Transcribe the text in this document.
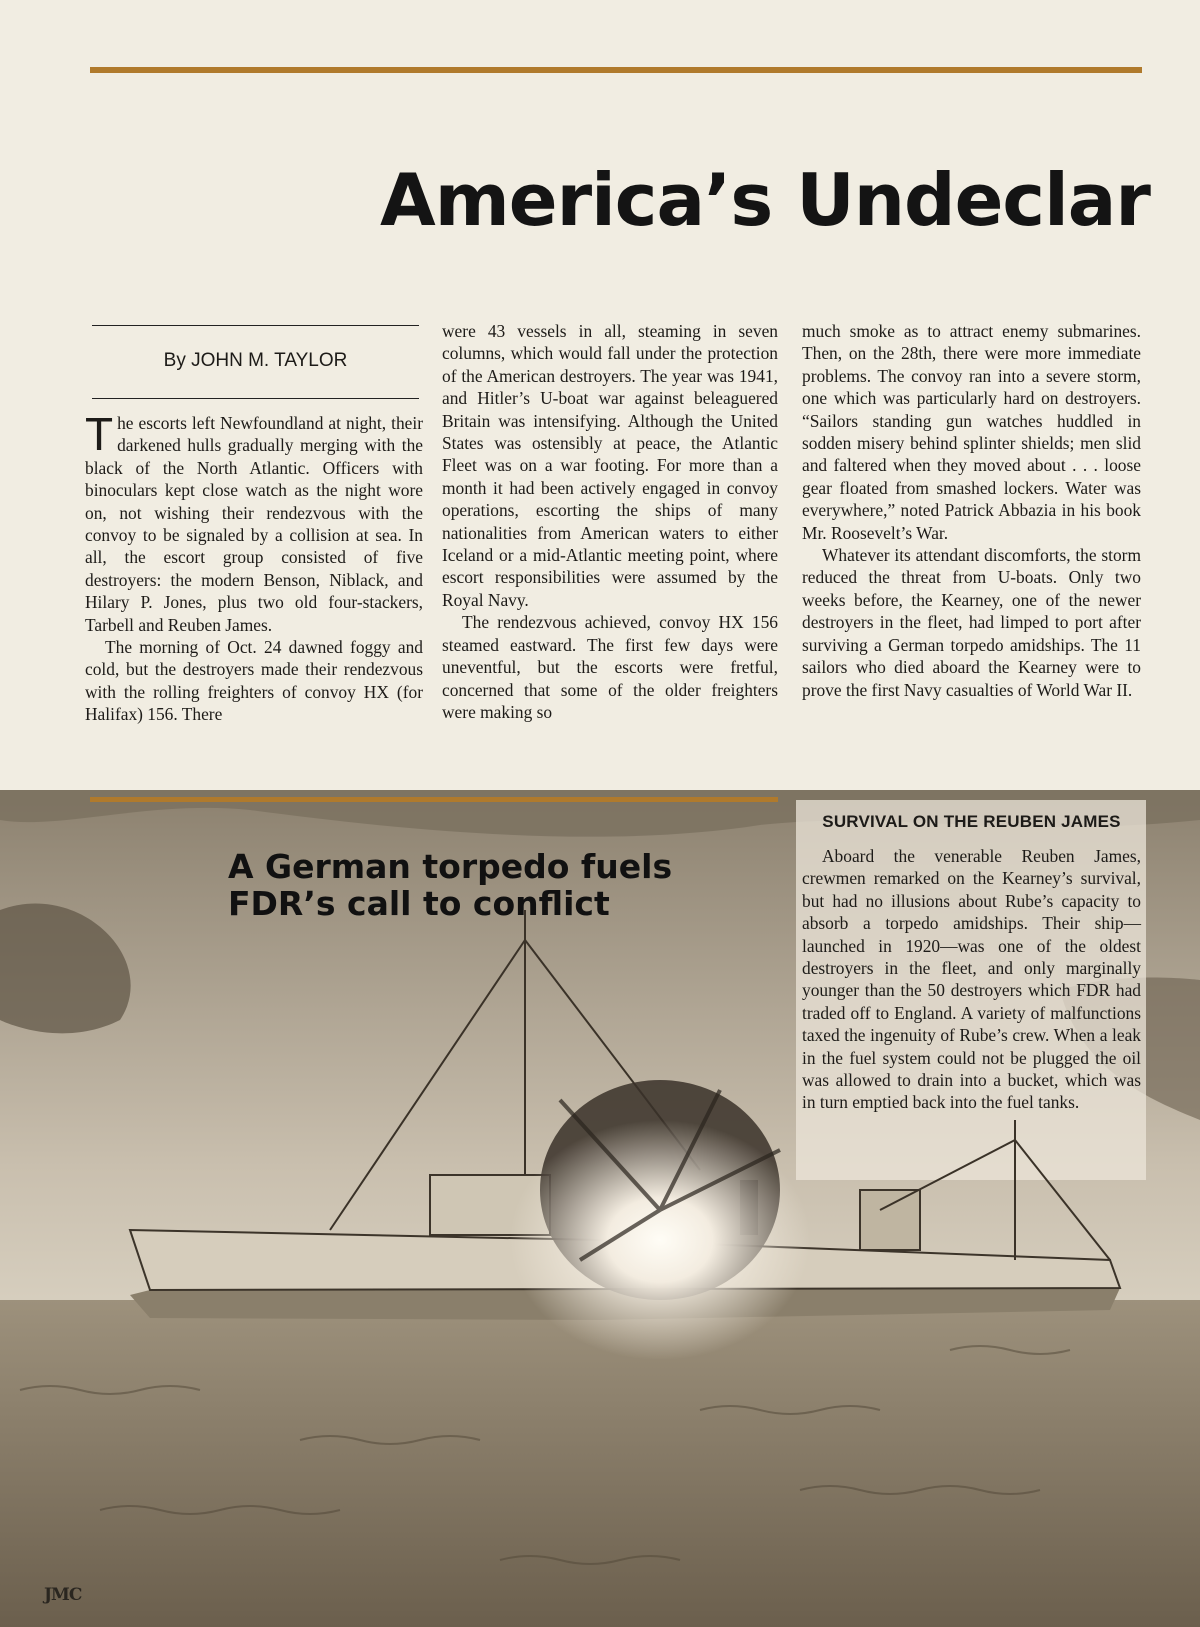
America’s Undeclar
By JOHN M. TAYLOR

The escorts left Newfoundland at night, their darkened hulls gradually merging with the black of the North Atlantic. Officers with binoculars kept close watch as the night wore on, not wishing their rendezvous with the convoy to be signaled by a collision at sea. In all, the escort group consisted of five destroyers: the modern Benson, Niblack, and Hilary P. Jones, plus two old four-stackers, Tarbell and Reuben James.

The morning of Oct. 24 dawned foggy and cold, but the destroyers made their rendezvous with the rolling freighters of convoy HX (for Halifax) 156. There

were 43 vessels in all, steaming in seven columns, which would fall under the protection of the American destroyers. The year was 1941, and Hitler’s U-boat war against beleaguered Britain was intensifying. Although the United States was ostensibly at peace, the Atlantic Fleet was on a war footing. For more than a month it had been actively engaged in convoy operations, escorting the ships of many nationalities from American waters to either Iceland or a mid-Atlantic meeting point, where escort responsibilities were assumed by the Royal Navy.

The rendezvous achieved, convoy HX 156 steamed eastward. The first few days were uneventful, but the escorts were fretful, concerned that some of the older freighters were making so

much smoke as to attract enemy submarines. Then, on the 28th, there were more immediate problems. The convoy ran into a severe storm, one which was particularly hard on destroyers. “Sailors standing gun watches huddled in sodden misery behind splinter shields; men slid and faltered when they moved about . . . loose gear floated from smashed lockers. Water was everywhere,” noted Patrick Abbazia in his book Mr. Roosevelt’s War.

Whatever its attendant discomforts, the storm reduced the threat from U-boats. Only two weeks before, the Kearney, one of the newer destroyers in the fleet, had limped to port after surviving a German torpedo amidships. The 11 sailors who died aboard the Kearney were to prove the first Navy casualties of World War II.

A German torpedo fuels
FDR’s call to conflict
SURVIVAL ON THE REUBEN JAMES

Aboard the venerable Reuben James, crewmen remarked on the Kearney’s survival, but had no illusions about Rube’s capacity to absorb a torpedo amidships. Their ship—launched in 1920—was one of the oldest destroyers in the fleet, and only marginally younger than the 50 destroyers which FDR had traded off to England. A variety of malfunctions taxed the ingenuity of Rube’s crew. When a leak in the fuel system could not be plugged the oil was allowed to drain into a bucket, which was in turn emptied back into the fuel tanks.

JMC
